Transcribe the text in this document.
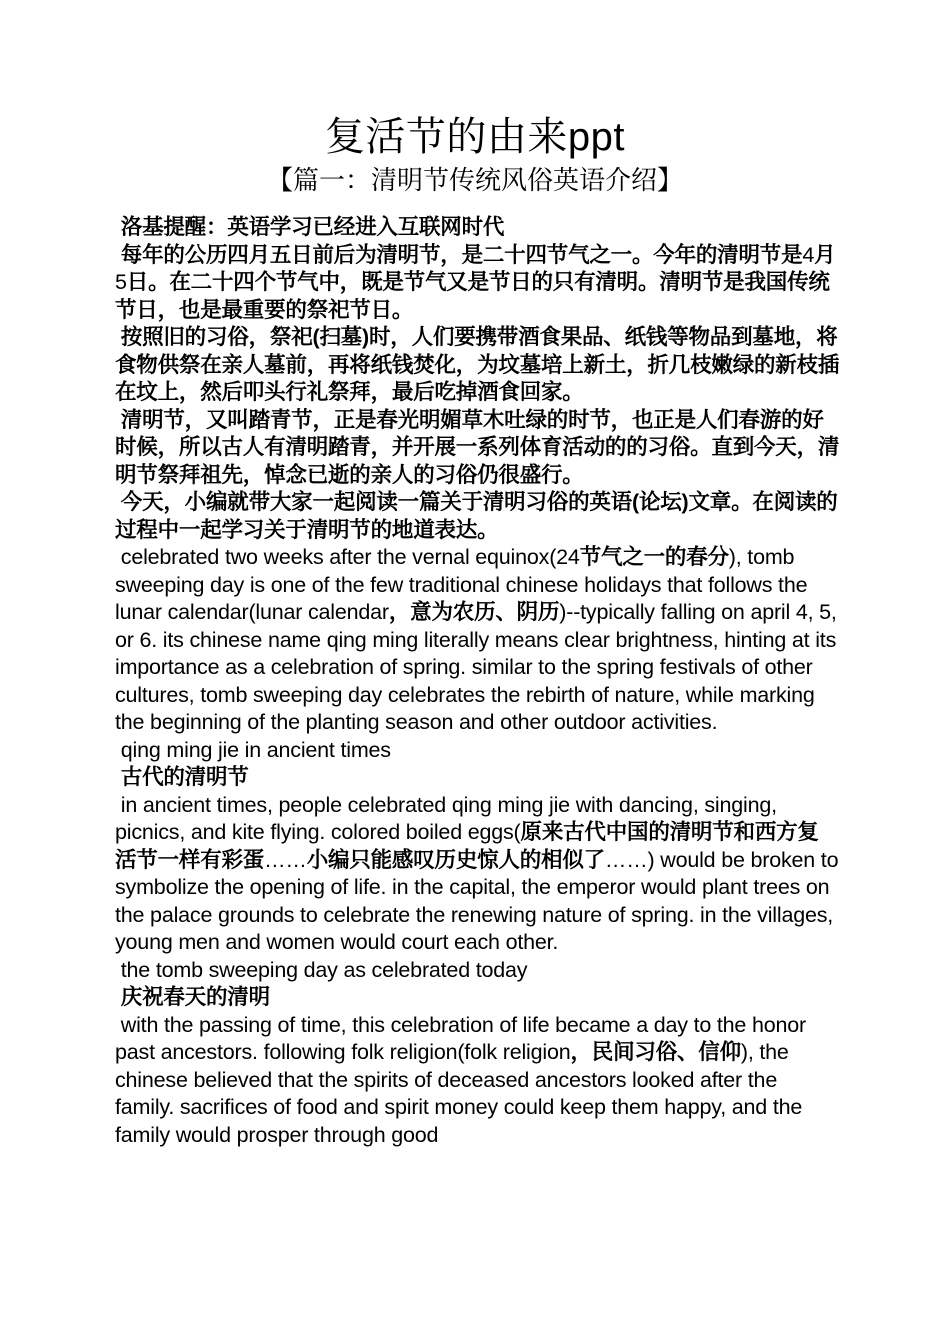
复活节的由来ppt
【篇一：清明节传统风俗英语介绍】

洛基提醒：英语学习已经进入互联网时代

每年的公历四月五日前后为清明节，是二十四节气之一。今年的清明节是4月5日。在二十四个节气中，既是节气又是节日的只有清明。清明节是我国传统节日，也是最重要的祭祀节日。

按照旧的习俗，祭祀(扫墓)时，人们要携带酒食果品、纸钱等物品到墓地，将食物供祭在亲人墓前，再将纸钱焚化，为坟墓培上新土，折几枝嫩绿的新枝插在坟上，然后叩头行礼祭拜，最后吃掉酒食回家。

清明节，又叫踏青节，正是春光明媚草木吐绿的时节，也正是人们春游的好时候，所以古人有清明踏青，并开展一系列体育活动的的习俗。直到今天，清明节祭拜祖先，悼念已逝的亲人的习俗仍很盛行。

今天，小编就带大家一起阅读一篇关于清明习俗的英语(论坛)文章。在阅读的过程中一起学习关于清明节的地道表达。

celebrated two weeks after the vernal equinox(24节气之一的春分), tomb sweeping day is one of the few traditional chinese holidays that follows the lunar calendar(lunar calendar，意为农历、阴历)--typically falling on april 4, 5, or 6. its chinese name qing ming literally means clear brightness, hinting at its importance as a celebration of spring. similar to the spring festivals of other cultures, tomb sweeping day celebrates the rebirth of nature, while marking the beginning of the planting season and other outdoor activities.

qing ming jie in ancient times

古代的清明节

in ancient times, people celebrated qing ming jie with dancing, singing, picnics, and kite flying. colored boiled eggs(原来古代中国的清明节和西方复活节一样有彩蛋……小编只能感叹历史惊人的相似了……) would be broken to symbolize the opening of life. in the capital, the emperor would plant trees on the palace grounds to celebrate the renewing nature of spring. in the villages, young men and women would court each other.

the tomb sweeping day as celebrated today

庆祝春天的清明

with the passing of time, this celebration of life became a day to the honor past ancestors. following folk religion(folk religion，民间习俗、信仰), the chinese believed that the spirits of deceased ancestors looked after the family. sacrifices of food and spirit money could keep them happy, and the family would prosper through good
